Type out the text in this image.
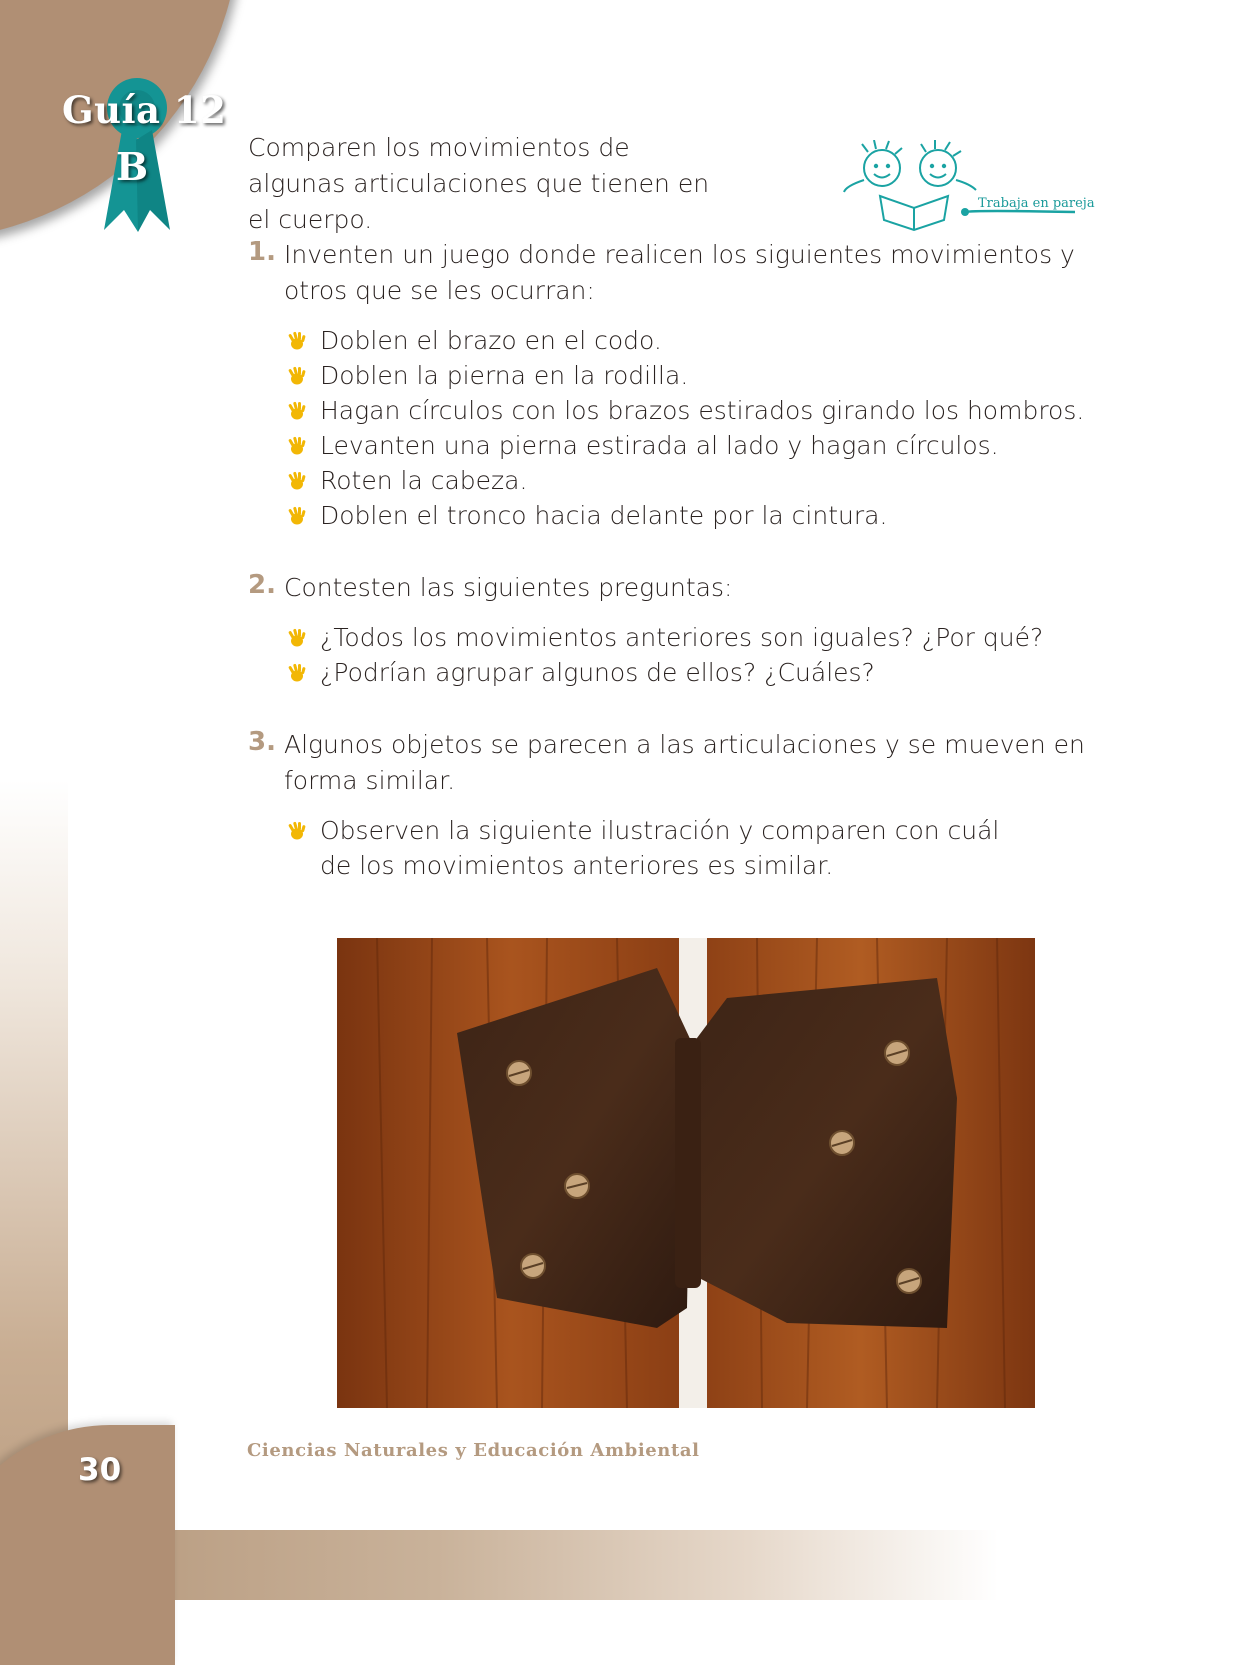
Guía 12
B	Comparen los movimientos de algunas articulaciones que tienen en el cuerpo.

Trabaja en pareja
1. Inventen un juego donde realicen los siguientes movimientos y otros que se les ocurran:

Doblen el brazo en el codo.
Doblen la pierna en la rodilla.
Hagan círculos con los brazos estirados girando los hombros.
Levanten una pierna estirada al lado y hagan círculos.
Roten la cabeza.
Doblen el tronco hacia delante por la cintura.
2. Contesten las siguientes preguntas:

¿Todos los movimientos anteriores son iguales? ¿Por qué?
¿Podrían agrupar algunos de ellos? ¿Cuáles?
3. Algunos objetos se parecen a las articulaciones y se mueven en forma similar.

Observen la siguiente ilustración y comparen con cuál de los movimientos anteriores es similar.
Ciencias Naturales y Educación Ambiental
30
